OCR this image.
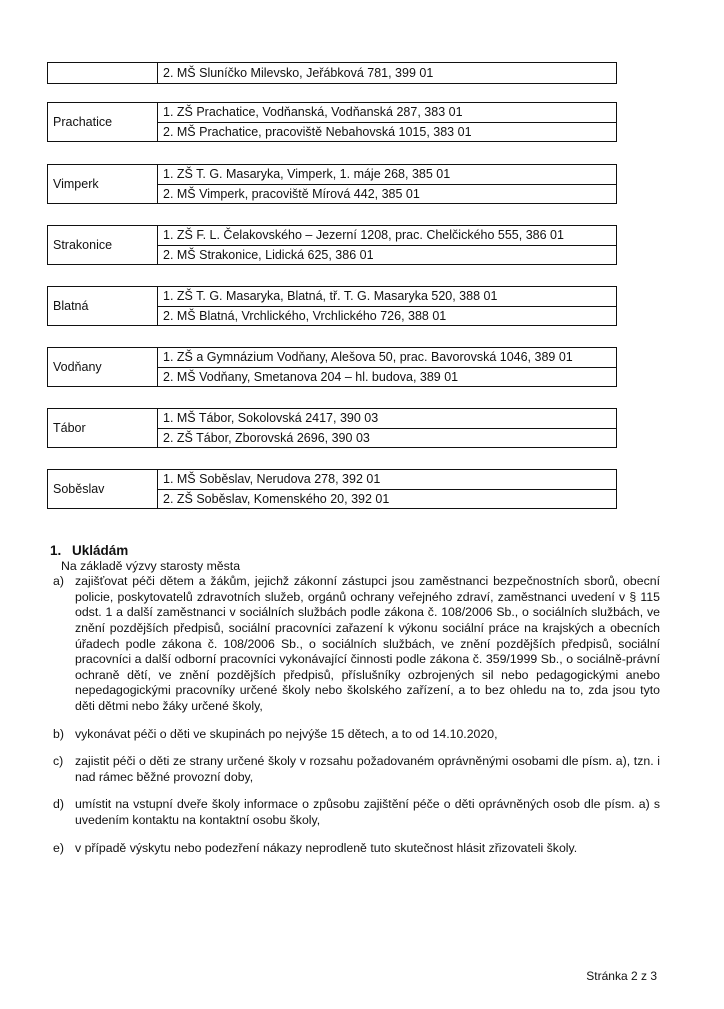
2. MŠ Sluníčko Milevsko, Jeřábková 781, 399 01
Prachatice
1. ZŠ Prachatice, Vodňanská, Vodňanská 287, 383 01
2. MŠ Prachatice, pracoviště Nebahovská 1015, 383 01
Vimperk
1. ZŠ T. G. Masaryka, Vimperk, 1. máje 268, 385 01
2. MŠ Vimperk, pracoviště Mírová 442, 385 01
Strakonice
1. ZŠ F. L. Čelakovského – Jezerní 1208, prac. Chelčického 555, 386 01
2. MŠ Strakonice, Lidická 625, 386 01
Blatná
1. ZŠ T. G. Masaryka, Blatná, tř. T. G. Masaryka 520, 388 01
2. MŠ Blatná, Vrchlického, Vrchlického 726, 388 01
Vodňany
1. ZŠ a Gymnázium Vodňany, Alešova 50, prac. Bavorovská 1046, 389 01
2. MŠ Vodňany, Smetanova 204 – hl. budova, 389 01
Tábor
1. MŠ Tábor, Sokolovská 2417, 390 03
2. ZŠ Tábor, Zborovská 2696, 390 03
Soběslav
1. MŠ Soběslav, Nerudova 278, 392 01
2. ZŠ Soběslav, Komenského 20, 392 01
1. Ukládám
Na základě výzvy starosty města
a) zajišťovat péči dětem a žákům, jejichž zákonní zástupci jsou zaměstnanci bezpečnostních sborů, obecní policie, poskytovatelů zdravotních služeb, orgánů ochrany veřejného zdraví, zaměstnanci uvedení v § 115 odst. 1 a další zaměstnanci v sociálních službách podle zákona č. 108/2006 Sb., o sociálních službách, ve znění pozdějších předpisů, sociální pracovníci zařazení k výkonu sociální práce na krajských a obecních úřadech podle zákona č. 108/2006 Sb., o sociálních službách, ve znění pozdějších předpisů, sociální pracovníci a další odborní pracovníci vykonávající činnosti podle zákona č. 359/1999 Sb., o sociálně-právní ochraně dětí, ve znění pozdějších předpisů, příslušníky ozbrojených sil nebo pedagogickými anebo nepedagogickými pracovníky určené školy nebo školského zařízení, a to bez ohledu na to, zda jsou tyto děti dětmi nebo žáky určené školy,
b) vykonávat péči o děti ve skupinách po nejvýše 15 dětech, a to od 14.10.2020,
c) zajistit péči o děti ze strany určené školy v rozsahu požadovaném oprávněnými osobami dle písm. a), tzn. i nad rámec běžné provozní doby,
d) umístit na vstupní dveře školy informace o způsobu zajištění péče o děti oprávněných osob dle písm. a) s uvedením kontaktu na kontaktní osobu školy,
e) v případě výskytu nebo podezření nákazy neprodleně tuto skutečnost hlásit zřizovateli školy.
Stránka 2 z 3
